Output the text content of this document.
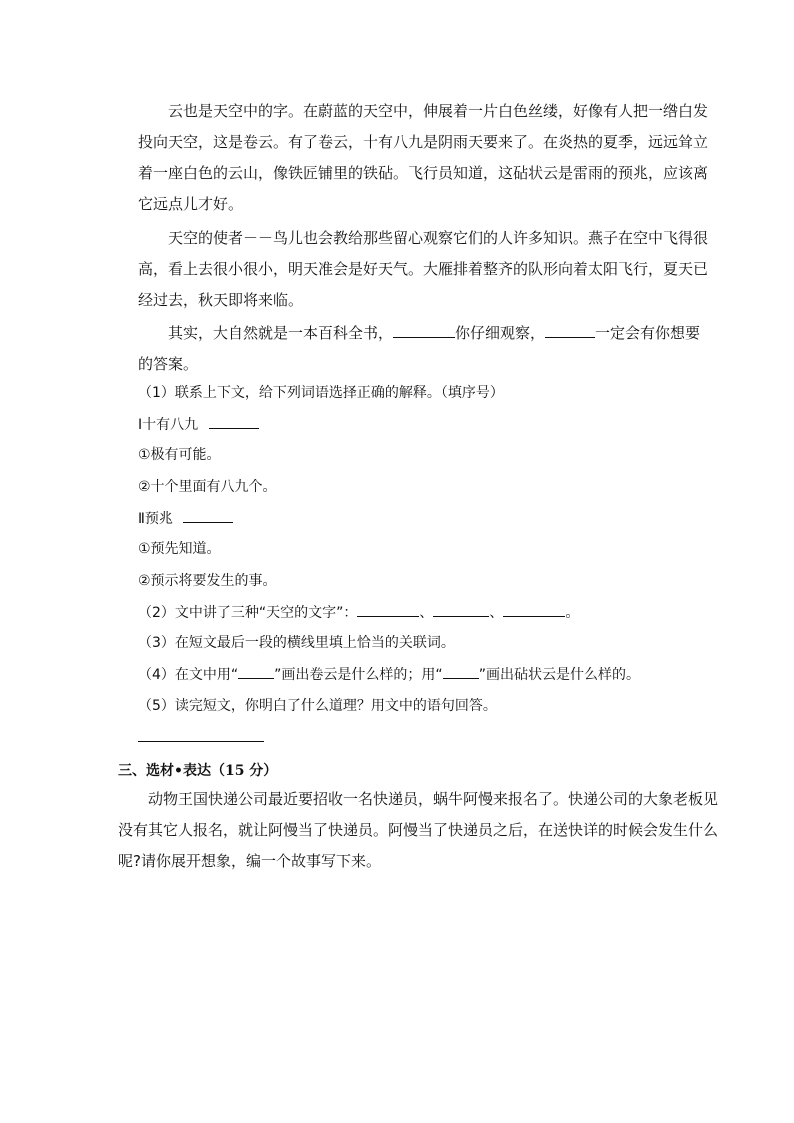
云也是天空中的字。在蔚蓝的天空中，伸展着一片白色丝缕，好像有人把一绺白发
投向天空，这是卷云。有了卷云，十有八九是阴雨天要来了。在炎热的夏季，远远耸立
着一座白色的云山，像铁匠铺里的铁砧。飞行员知道，这砧状云是雷雨的预兆，应该离
它远点儿才好。
天空的使者－－鸟儿也会教给那些留心观察它们的人许多知识。燕子在空中飞得很
高，看上去很小很小，明天准会是好天气。大雁排着整齐的队形向着太阳飞行，夏天已
经过去，秋天即将来临。
其实，大自然就是一本百科全书，	你仔细观察，	一定会有你想要
的答案。
（1）联系上下文，给下列词语选择正确的解释。（填序号）
Ⅰ十有八九
①极有可能。
②十个里面有八九个。
Ⅱ预兆
①预先知道。
②预示将要发生的事。
（2）文中讲了三种“天空的文字”：	、	、	。
（3）在短文最后一段的横线里填上恰当的关联词。
（4）在文中用“	”画出卷云是什么样的；用“	”画出砧状云是什么样的。
（5）读完短文，你明白了什么道理？用文中的语句回答。
三、选材•表达（15 分）
动物王国快递公司最近要招收一名快递员，蜗牛阿慢来报名了。快递公司的大象老板见
没有其它人报名，就让阿慢当了快递员。阿慢当了快递员之后，在送快详的时候会发生什么
呢?请你展开想象，编一个故事写下来。
